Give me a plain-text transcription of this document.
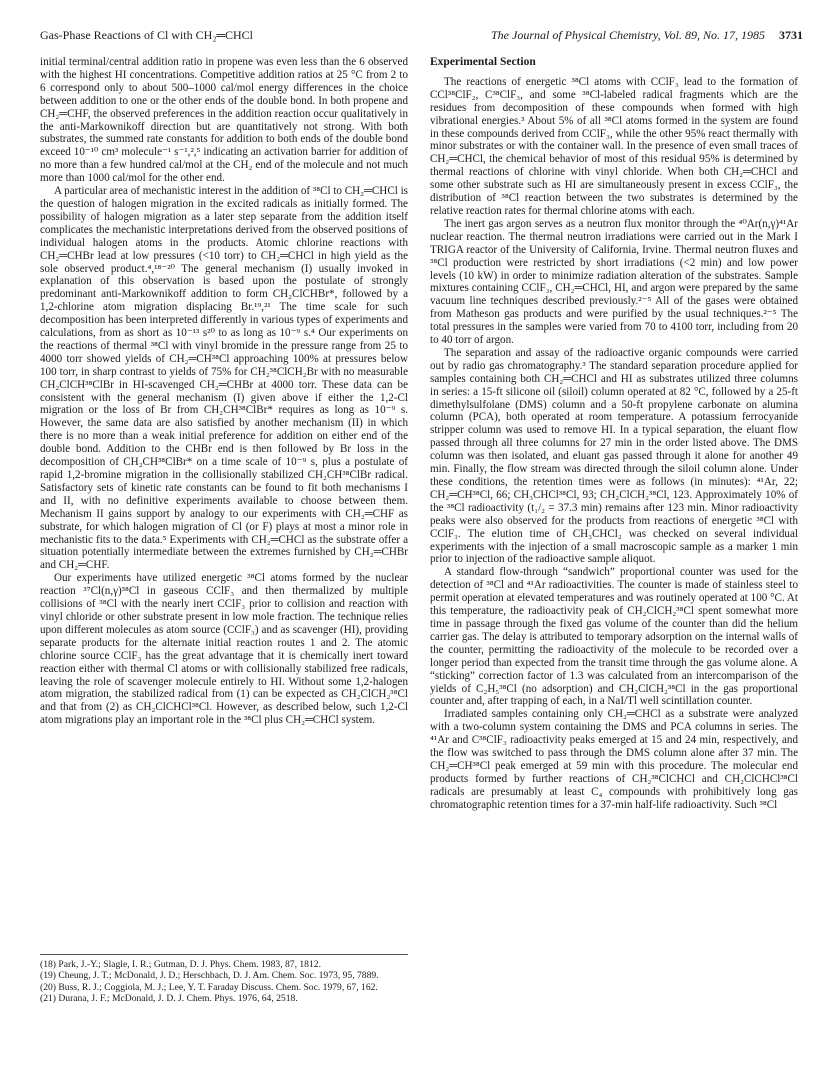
Gas-Phase Reactions of Cl with CH₂═CHCl	The Journal of Physical Chemistry, Vol. 89, No. 17, 1985 3731

initial terminal/central addition ratio in propene was even less than the 6 observed with the highest HI concentrations. Competitive addition ratios at 25 °C from 2 to 6 correspond only to about 500–1000 cal/mol energy differences in the choice between addition to one or the other ends of the double bond. In both propene and CH₂═CHF, the observed preferences in the addition reaction occur qualitatively in the anti-Markownikoff direction but are quantitatively not strong. With both substrates, the summed rate constants for addition to both ends of the double bond exceed 10⁻¹⁰ cm³ molecule⁻¹ s⁻¹,²,⁵ indicating an activation barrier for addition of no more than a few hundred cal/mol at the CH₂ end of the molecule and not much more than 1000 cal/mol for the other end.

A particular area of mechanistic interest in the addition of ³⁸Cl to CH₂═CHCl is the question of halogen migration in the excited radicals as initially formed. The possibility of halogen migration as a later step separate from the addition itself complicates the mechanistic interpretations derived from the observed positions of individual halogen atoms in the products. Atomic chlorine reactions with CH₂═CHBr lead at low pressures (<10 torr) to CH₂═CHCl in high yield as the sole observed product.⁴,¹⁸⁻²⁰ The general mechanism (I) usually invoked in explanation of this observation is based upon the postulate of strongly predominant anti-Markownikoff addition to form CH₂ClCHBr*, followed by a 1,2-chlorine atom migration displacing Br.¹⁹,²¹ The time scale for such decomposition has been interpreted differently in various types of experiments and calculations, from as short as 10⁻¹³ s²⁰ to as long as 10⁻⁹ s.⁴ Our experiments on the reactions of thermal ³⁸Cl with vinyl bromide in the pressure range from 25 to 4000 torr showed yields of CH₂═CH³⁸Cl approaching 100% at pressures below 100 torr, in sharp contrast to yields of 75% for CH₂³⁸ClCH₂Br with no measurable CH₂ClCH³⁸ClBr in HI-scavenged CH₂═CHBr at 4000 torr. These data can be consistent with the general mechanism (I) given above if either the 1,2-Cl migration or the loss of Br from CH₂CH³⁸ClBr* requires as long as 10⁻⁹ s. However, the same data are also satisfied by another mechanism (II) in which there is no more than a weak initial preference for addition on either end of the double bond. Addition to the CHBr end is then followed by Br loss in the decomposition of CH₂CH³⁸ClBr* on a time scale of 10⁻⁹ s, plus a postulate of rapid 1,2-bromine migration in the collisionally stabilized CH₂CH³⁸ClBr radical. Satisfactory sets of kinetic rate constants can be found to fit both mechanisms I and II, with no definitive experiments available to choose between them. Mechanism II gains support by analogy to our experiments with CH₂═CHF as substrate, for which halogen migration of Cl (or F) plays at most a minor role in mechanistic fits to the data.⁵ Experiments with CH₂═CHCl as the substrate offer a situation potentially intermediate between the extremes furnished by CH₂═CHBr and CH₂═CHF.

Our experiments have utilized energetic ³⁸Cl atoms formed by the nuclear reaction ³⁷Cl(n,γ)³⁸Cl in gaseous CClF₃ and then thermalized by multiple collisions of ³⁸Cl with the nearly inert CClF₃ prior to collision and reaction with vinyl chloride or other substrate present in low mole fraction. The technique relies upon different molecules as atom source (CClF₃) and as scavenger (HI), providing separate products for the alternate initial reaction routes 1 and 2. The atomic chlorine source CClF₃ has the great advantage that it is chemically inert toward reaction either with thermal Cl atoms or with collisionally stabilized free radicals, leaving the role of scavenger molecule entirely to HI. Without some 1,2-halogen atom migration, the stabilized radical from (1) can be expected as CH₂ClCH₂³⁸Cl and that from (2) as CH₂ClCHCl³⁸Cl. However, as described below, such 1,2-Cl atom migrations play an important role in the ³⁸Cl plus CH₂═CHCl system.

(18) Park, J.-Y.; Slagle, I. R.; Gutman, D. J. Phys. Chem. 1983, 87, 1812.

(19) Cheung, J. T.; McDonald, J. D.; Herschbach, D. J. Am. Chem. Soc. 1973, 95, 7889.

(20) Buss, R. J.; Coggiola, M. J.; Lee, Y. T. Faraday Discuss. Chem. Soc. 1979, 67, 162.

(21) Durana, J. F.; McDonald, J. D. J. Chem. Phys. 1976, 64, 2518.

Experimental Section

The reactions of energetic ³⁸Cl atoms with CClF₃ lead to the formation of CCl³⁸ClF₂, C³⁸ClF₃, and some ³⁸Cl-labeled radical fragments which are the residues from decomposition of these compounds when formed with high vibrational energies.³ About 5% of all ³⁸Cl atoms formed in the system are found in these compounds derived from CClF₃, while the other 95% react thermally with minor substrates or with the container wall. In the presence of even small traces of CH₂═CHCl, the chemical behavior of most of this residual 95% is determined by thermal reactions of chlorine with vinyl chloride. When both CH₂═CHCl and some other substrate such as HI are simultaneously present in excess CClF₃, the distribution of ³⁸Cl reaction between the two substrates is determined by the relative reaction rates for thermal chlorine atoms with each.

The inert gas argon serves as a neutron flux monitor through the ⁴⁰Ar(n,γ)⁴¹Ar nuclear reaction. The thermal neutron irradiations were carried out in the Mark I TRIGA reactor of the University of California, Irvine. Thermal neutron fluxes and ³⁸Cl production were restricted by short irradiations (<2 min) and low power levels (10 kW) in order to minimize radiation alteration of the substrates. Sample mixtures containing CClF₃, CH₂═CHCl, HI, and argon were prepared by the same vacuum line techniques described previously.²⁻⁵ All of the gases were obtained from Matheson gas products and were purified by the usual techniques.²⁻⁵ The total pressures in the samples were varied from 70 to 4100 torr, including from 20 to 40 torr of argon.

The separation and assay of the radioactive organic compounds were carried out by radio gas chromatography.³ The standard separation procedure applied for samples containing both CH₂═CHCl and HI as substrates utilized three columns in series: a 15-ft silicone oil (siloil) column operated at 82 °C, followed by a 25-ft dimethylsulfolane (DMS) column and a 50-ft propylene carbonate on alumina column (PCA), both operated at room temperature. A potassium ferrocyanide stripper column was used to remove HI. In a typical separation, the eluant flow passed through all three columns for 27 min in the order listed above. The DMS column was then isolated, and eluant gas passed through it alone for another 49 min. Finally, the flow stream was directed through the siloil column alone. Under these conditions, the retention times were as follows (in minutes): ⁴¹Ar, 22; CH₂═CH³⁸Cl, 66; CH₃CHCl³⁸Cl, 93; CH₂ClCH₂³⁸Cl, 123. Approximately 10% of the ³⁸Cl radioactivity (t₁/₂ = 37.3 min) remains after 123 min. Minor radioactivity peaks were also observed for the products from reactions of energetic ³⁸Cl with CClF₃. The elution time of CH₃CHCl₂ was checked on several individual experiments with the injection of a small macroscopic sample as a marker 1 min prior to injection of the radioactive sample aliquot.

A standard flow-through “sandwich” proportional counter was used for the detection of ³⁸Cl and ⁴¹Ar radioactivities. The counter is made of stainless steel to permit operation at elevated temperatures and was routinely operated at 100 °C. At this temperature, the radioactivity peak of CH₂ClCH₂³⁸Cl spent somewhat more time in passage through the fixed gas volume of the counter than did the helium carrier gas. The delay is attributed to temporary adsorption on the internal walls of the counter, permitting the radioactivity of the molecule to be recorded over a longer period than expected from the transit time through the gas volume alone. A “sticking” correction factor of 1.3 was calculated from an intercomparison of the yields of C₂H₅³⁸Cl (no adsorption) and CH₂ClCH₂³⁸Cl in the gas proportional counter and, after trapping of each, in a NaI/Tl well scintillation counter.

Irradiated samples containing only CH₂═CHCl as a substrate were analyzed with a two-column system containing the DMS and PCA columns in series. The ⁴¹Ar and C³⁸ClF₃ radioactivity peaks emerged at 15 and 24 min, respectively, and the flow was switched to pass through the DMS column alone after 37 min. The CH₂═CH³⁸Cl peak emerged at 59 min with this procedure. The molecular end products formed by further reactions of CH₂³⁸ClCHCl and CH₂ClCHCl³⁸Cl radicals are presumably at least C₄ compounds with prohibitively long gas chromatographic retention times for a 37-min half-life radioactivity. Such ³⁸Cl
